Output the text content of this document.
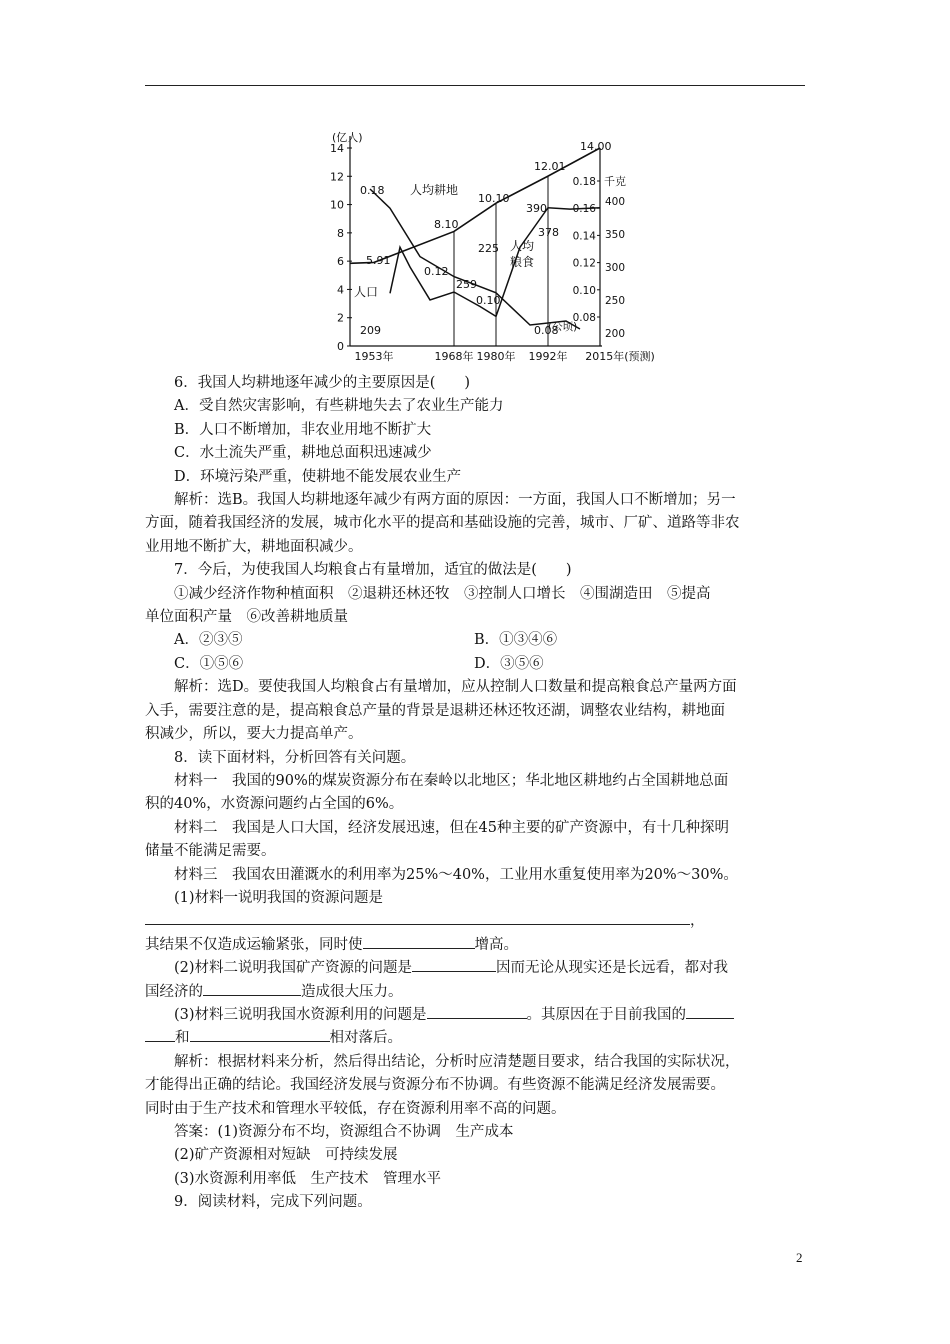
14
12
10
8
6
4
2
0
(亿人)
0.18
0.16
0.14
0.12
0.10
0.08
400
350
300
250
200
千克
(公顷)
1953年	1968年 1980年 1992年 2015年(预测)
5.91
8.10
10.10
12.01
14.00
0.18
0.12
0.10
0.08
209
259
225
390
378
人口
人均耕地
人均
粮食

6．我国人均耕地逐年减少的主要原因是(　　)

A．受自然灾害影响，有些耕地失去了农业生产能力

B．人口不断增加，非农业用地不断扩大

C．水土流失严重，耕地总面积迅速减少

D．环境污染严重，使耕地不能发展农业生产

解析：选B。我国人均耕地逐年减少有两方面的原因：一方面，我国人口不断增加；另一

方面，随着我国经济的发展，城市化水平的提高和基础设施的完善，城市、厂矿、道路等非农

业用地不断扩大，耕地面积减少。

7．今后，为使我国人均粮食占有量增加，适宜的做法是(　　)

①减少经济作物种植面积　②退耕还林还牧　③控制人口增长　④围湖造田　⑤提高

单位面积产量　⑥改善耕地质量

A．②③⑤	B．①③④⑥
C．①⑤⑥	D．③⑤⑥

解析：选D。要使我国人均粮食占有量增加，应从控制人口数量和提高粮食总产量两方面

入手，需要注意的是，提高粮食总产量的背景是退耕还林还牧还湖，调整农业结构，耕地面

积减少，所以，要大力提高单产。

8．读下面材料，分析回答有关问题。

材料一　我国的90%的煤炭资源分布在秦岭以北地区；华北地区耕地约占全国耕地总面

积的40%，水资源问题约占全国的6%。

材料二　我国是人口大国，经济发展迅速，但在45种主要的矿产资源中，有十几种探明

储量不能满足需要。

材料三　我国农田灌溉水的利用率为25%～40%，工业用水重复使用率为20%～30%。

(1)材料一说明我国的资源问题是

，

其结果不仅造成运输紧张，同时使	增高。

(2)材料二说明我国矿产资源的问题是	因而无论从现实还是长远看，都对我

国经济的	造成很大压力。

(3)材料三说明我国水资源利用的问题是	。其原因在于目前我国的

和	相对落后。

解析：根据材料来分析，然后得出结论，分析时应清楚题目要求，结合我国的实际状况，

才能得出正确的结论。我国经济发展与资源分布不协调。有些资源不能满足经济发展需要。

同时由于生产技术和管理水平较低，存在资源利用率不高的问题。

答案：(1)资源分布不均，资源组合不协调　生产成本

(2)矿产资源相对短缺　可持续发展

(3)水资源利用率低　生产技术　管理水平

9．阅读材料，完成下列问题。

2
